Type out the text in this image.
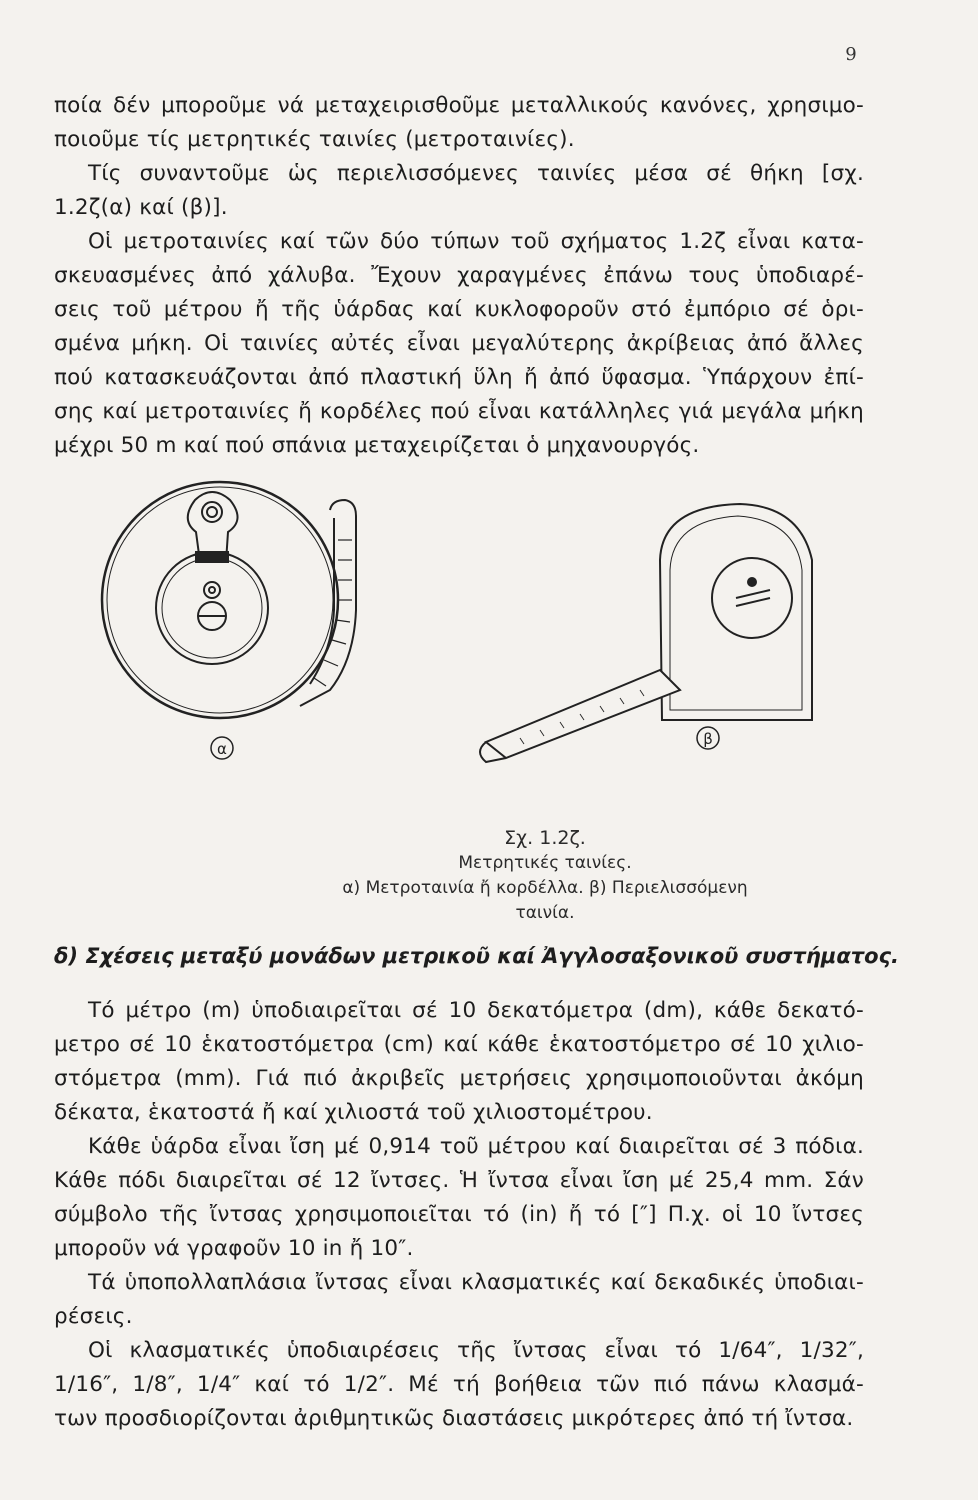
9

ποία δέν μποροῦμε νά μεταχειρισθοῦμε μεταλλικούς κανόνες, χρησιμο-
ποιοῦμε τίς μετρητικές ταινίες (μετροταινίες).

Τίς συναντοῦμε ὡς περιελισσόμενες ταινίες μέσα σέ θήκη [σχ.
1.2ζ(α) καί (β)].

Οἱ μετροταινίες καί τῶν δύο τύπων τοῦ σχήματος 1.2ζ εἶναι κατα-
σκευασμένες ἀπό χάλυβα. Ἔχουν χαραγμένες ἐπάνω τους ὑποδιαρέ-
σεις τοῦ μέτρου ἤ τῆς ὑάρδας καί κυκλοφοροῦν στό ἐμπόριο σέ ὁρι-
σμένα μήκη. Οἱ ταινίες αὐτές εἶναι μεγαλύτερης ἀκρίβειας ἀπό ἄλλες
πού κατασκευάζονται ἀπό πλαστική ὕλη ἤ ἀπό ὕφασμα. Ὑπάρχουν ἐπί-
σης καί μετροταινίες ἤ κορδέλες πού εἶναι κατάλληλες γιά μεγάλα μήκη
μέχρι 50 m καί πού σπάνια μεταχειρίζεται ὁ μηχανουργός.

α
β
Σχ. 1.2ζ.
Μετρητικές ταινίες.
α) Μετροταινία ἤ κορδέλλα. β) Περιελισσόμενη ταινία.
δ) Σχέσεις μεταξύ μονάδων μετρικοῦ καί Ἀγγλοσαξονικοῦ συστήματος.

Τό μέτρο (m) ὑποδιαιρεῖται σέ 10 δεκατόμετρα (dm), κάθε δεκατό-
μετρο σέ 10 ἑκατοστόμετρα (cm) καί κάθε ἑκατοστόμετρο σέ 10 χιλιο-
στόμετρα (mm). Γιά πιό ἀκριβεῖς μετρήσεις χρησιμοποιοῦνται ἀκόμη
δέκατα, ἑκατοστά ἤ καί χιλιοστά τοῦ χιλιοστομέτρου.

Κάθε ὑάρδα εἶναι ἴση μέ 0,914 τοῦ μέτρου καί διαιρεῖται σέ 3 πόδια.
Κάθε πόδι διαιρεῖται σέ 12 ἴντσες. Ἡ ἴντσα εἶναι ἴση μέ 25,4 mm. Σάν
σύμβολο τῆς ἴντσας χρησιμοποιεῖται τό (in) ἤ τό [″] Π.χ. οἱ 10 ἴντσες
μποροῦν νά γραφοῦν 10 in ἤ 10″.

Τά ὑποπολλαπλάσια ἴντσας εἶναι κλασματικές καί δεκαδικές ὑποδιαι-
ρέσεις.

Οἱ κλασματικές ὑποδιαιρέσεις τῆς ἴντσας εἶναι τό 1/64″, 1/32″,
1/16″, 1/8″, 1/4″ καί τό 1/2″. Μέ τή βοήθεια τῶν πιό πάνω κλασμά-
των προσδιορίζονται ἀριθμητικῶς διαστάσεις μικρότερες ἀπό τή ἴντσα.
